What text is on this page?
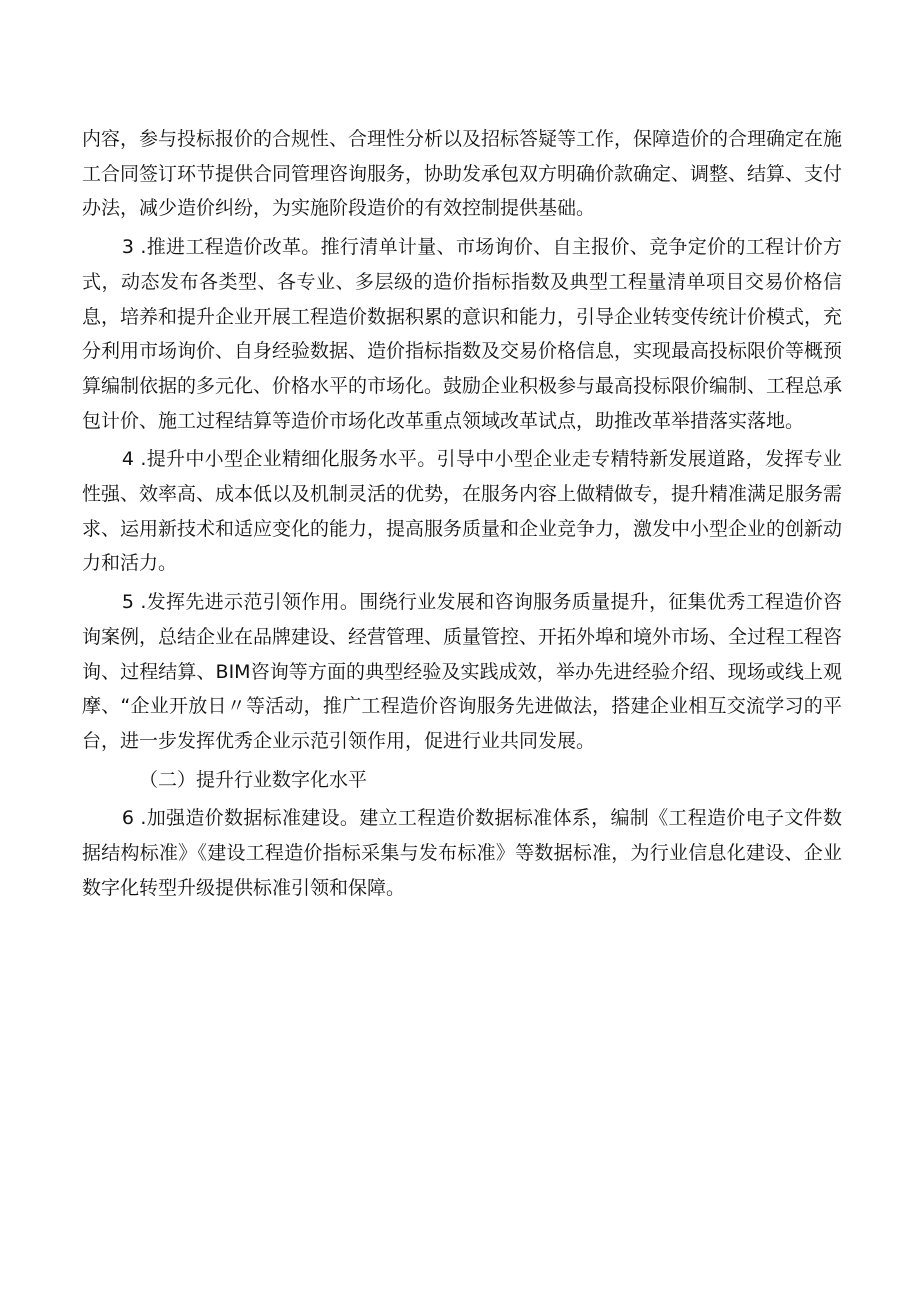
内容，参与投标报价的合规性、合理性分析以及招标答疑等工作，保障造价的合理确定在施工合同签订环节提供合同管理咨询服务，协助发承包双方明确价款确定、调整、结算、支付办法，减少造价纠纷，为实施阶段造价的有效控制提供基础。

3 .推进工程造价改革。推行清单计量、市场询价、自主报价、竞争定价的工程计价方式，动态发布各类型、各专业、多层级的造价指标指数及典型工程量清单项目交易价格信息，培养和提升企业开展工程造价数据积累的意识和能力，引导企业转变传统计价模式，充分利用市场询价、自身经验数据、造价指标指数及交易价格信息，实现最高投标限价等概预算编制依据的多元化、价格水平的市场化。鼓励企业积极参与最高投标限价编制、工程总承包计价、施工过程结算等造价市场化改革重点领域改革试点，助推改革举措落实落地。

4 .提升中小型企业精细化服务水平。引导中小型企业走专精特新发展道路，发挥专业性强、效率高、成本低以及机制灵活的优势，在服务内容上做精做专，提升精准满足服务需求、运用新技术和适应变化的能力，提高服务质量和企业竞争力，激发中小型企业的创新动力和活力。

5 .发挥先进示范引领作用。围绕行业发展和咨询服务质量提升，征集优秀工程造价咨询案例，总结企业在品牌建设、经营管理、质量管控、开拓外埠和境外市场、全过程工程咨询、过程结算、BIM咨询等方面的典型经验及实践成效，举办先进经验介绍、现场或线上观摩、“企业开放日〃等活动，推广工程造价咨询服务先进做法，搭建企业相互交流学习的平台，进一步发挥优秀企业示范引领作用，促进行业共同发展。

（二）提升行业数字化水平

6 .加强造价数据标准建设。建立工程造价数据标准体系，编制《工程造价电子文件数据结构标准》《建设工程造价指标采集与发布标准》等数据标准，为行业信息化建设、企业数字化转型升级提供标准引领和保障。
